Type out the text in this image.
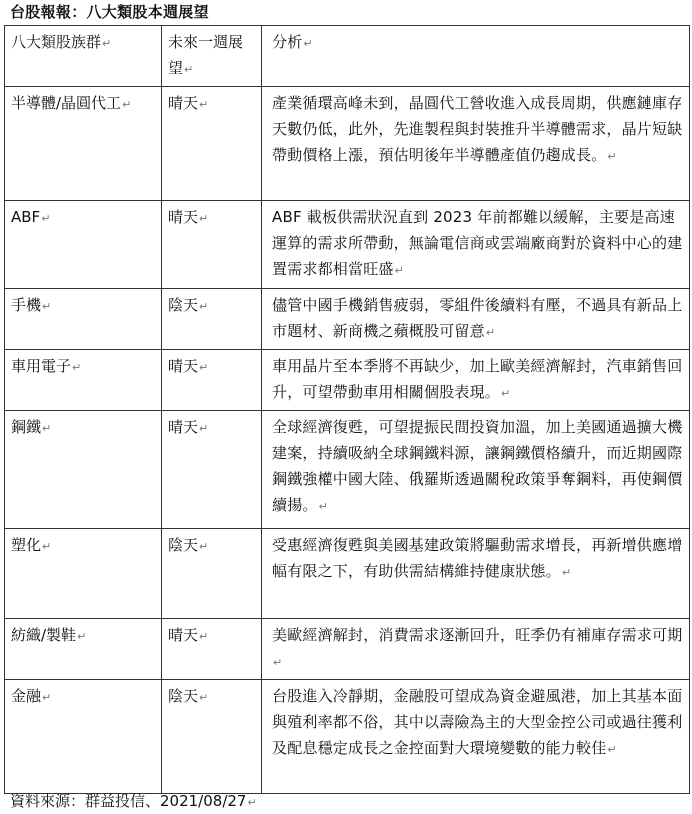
台股報報：八大類股本週展望
八大類股族群↵	未來一週展望↵	分析↵
半導體/晶圓代工↵	晴天↵	產業循環高峰未到，晶圓代工營收進入成長周期，供應鏈庫存天數仍低，此外，先進製程與封裝推升半導體需求，晶片短缺帶動價格上漲，預估明後年半導體產值仍趨成長。↵
ABF↵	晴天↵	ABF 載板供需狀況直到 2023 年前都難以緩解，主要是高速運算的需求所帶動，無論電信商或雲端廠商對於資料中心的建置需求都相當旺盛↵
手機↵	陰天↵	儘管中國手機銷售疲弱，零組件後續料有壓，不過具有新品上市題材、新商機之蘋概股可留意↵
車用電子↵	晴天↵	車用晶片至本季將不再缺少，加上歐美經濟解封，汽車銷售回升，可望帶動車用相關個股表現。↵
鋼鐵↵	晴天↵	全球經濟復甦，可望提振民間投資加溫，加上美國通過擴大機建案，持續吸納全球鋼鐵料源，讓鋼鐵價格續升，而近期國際鋼鐵強權中國大陸、俄羅斯透過關稅政策爭奪鋼料，再使鋼價續揚。↵
塑化↵	陰天↵	受惠經濟復甦與美國基建政策將驅動需求增長，再新增供應增幅有限之下，有助供需結構維持健康狀態。↵
紡織/製鞋↵	晴天↵	美歐經濟解封，消費需求逐漸回升，旺季仍有補庫存需求可期↵
金融↵	陰天↵	台股進入冷靜期，金融股可望成為資金避風港，加上其基本面與殖利率都不俗，其中以壽險為主的大型金控公司或過往獲利及配息穩定成長之金控面對大環境變數的能力較佳↵
資料來源：群益投信、2021/08/27↵
